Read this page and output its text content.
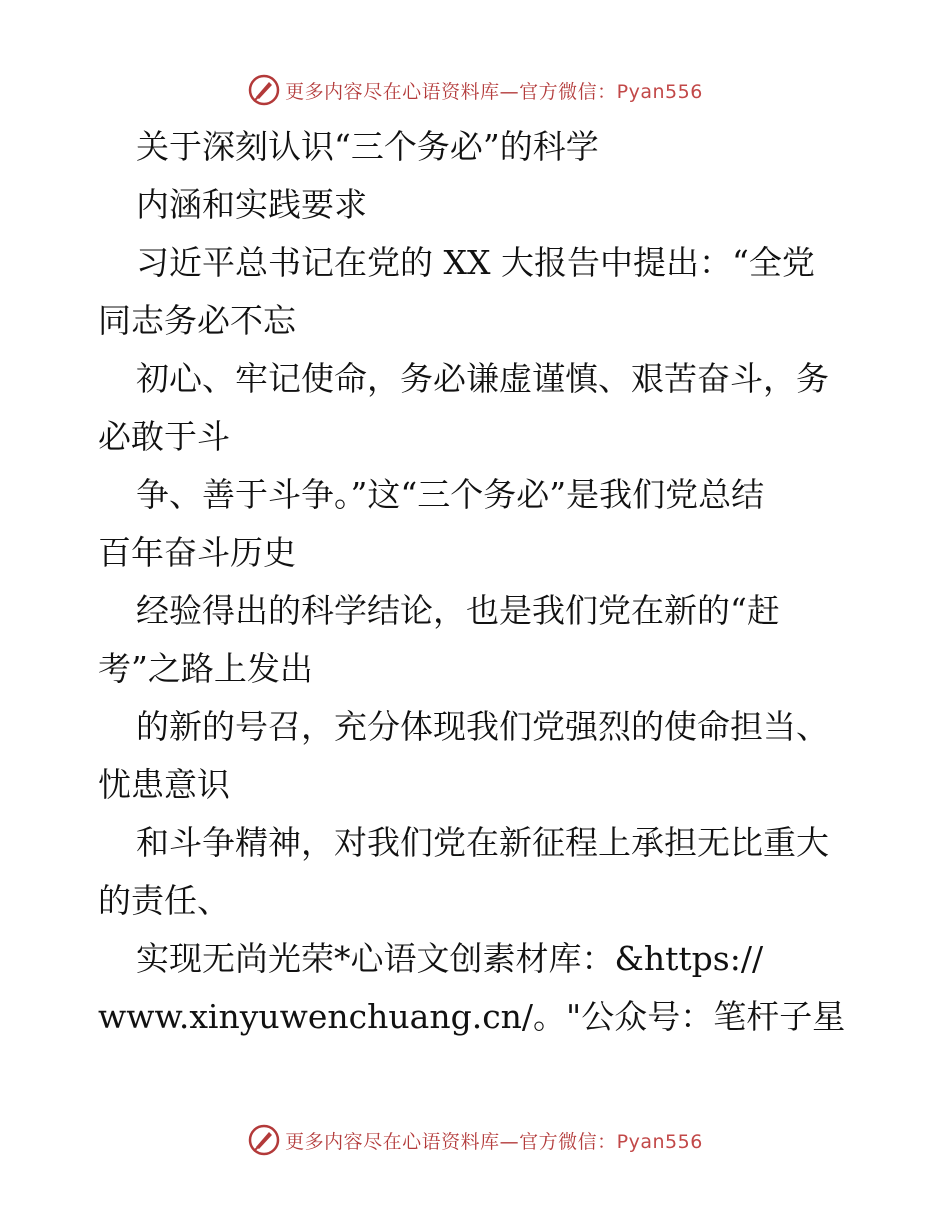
更多内容尽在心语资料库—官方微信：Pyan556
关于深刻认识“三个务必”的科学
内涵和实践要求
习近平总书记在党的 XX 大报告中提出：“全党
同志务必不忘
初心、牢记使命，务必谦虚谨慎、艰苦奋斗，务
必敢于斗
争、善于斗争。”这“三个务必”是我们党总结
百年奋斗历史
经验得出的科学结论，也是我们党在新的“赶
考”之路上发出
的新的号召，充分体现我们党强烈的使命担当、
忧患意识
和斗争精神，对我们党在新征程上承担无比重大
的责任、
实现无尚光荣*心语文创素材库：&https://
www.xinyuwenchuang.cn/。"公众号：笔杆子星
更多内容尽在心语资料库—官方微信：Pyan556
